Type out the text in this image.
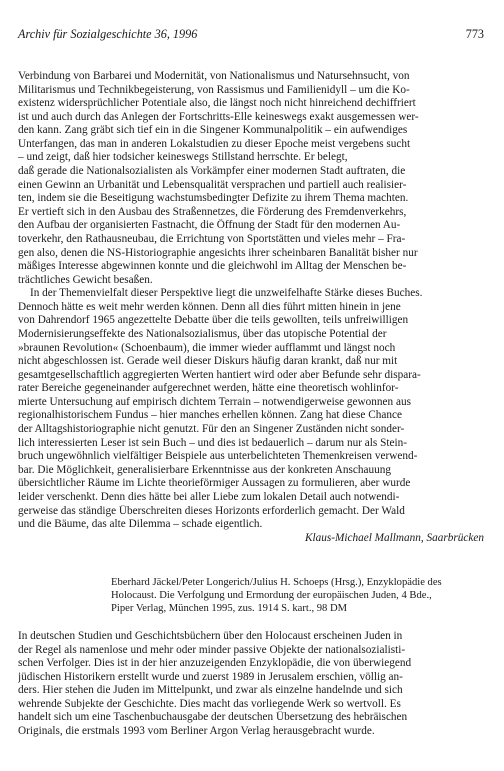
Archiv für Sozialgeschichte 36, 1996	773
Verbindung von Barbarei und Modernität, von Nationalismus und Natursehnsucht, von
Militarismus und Technikbegeisterung, von Rassismus und Familienidyll – um die Ko-
existenz widersprüchlicher Potentiale also, die längst noch nicht hinreichend dechiffriert
ist und auch durch das Anlegen der Fortschritts-Elle keineswegs exakt ausgemessen wer-
den kann. Zang gräbt sich tief ein in die Singener Kommunalpolitik – ein aufwendiges
Unterfangen, das man in anderen Lokalstudien zu dieser Epoche meist vergebens sucht
– und zeigt, daß hier todsicher keineswegs Stillstand herrschte. Er belegt,
daß gerade die Nationalsozialisten als Vorkämpfer einer modernen Stadt auftraten, die
einen Gewinn an Urbanität und Lebensqualität versprachen und partiell auch realisier-
ten, indem sie die Beseitigung wachstumsbedingter Defizite zu ihrem Thema machten.
Er vertieft sich in den Ausbau des Straßennetzes, die Förderung des Fremdenverkehrs,
den Aufbau der organisierten Fastnacht, die Öffnung der Stadt für den modernen Au-
toverkehr, den Rathausneubau, die Errichtung von Sportstätten und vieles mehr – Fra-
gen also, denen die NS-Historiographie angesichts ihrer scheinbaren Banalität bisher nur
mäßiges Interesse abgewinnen konnte und die gleichwohl im Alltag der Menschen be-
trächtliches Gewicht besaßen.
In der Themenvielfalt dieser Perspektive liegt die unzweifelhafte Stärke dieses Buches.
Dennoch hätte es weit mehr werden können. Denn all dies führt mitten hinein in jene
von Dahrendorf 1965 angezettelte Debatte über die teils gewollten, teils unfreiwilligen
Modernisierungseffekte des Nationalsozialismus, über das utopische Potential der
»braunen Revolution« (Schoenbaum), die immer wieder aufflammt und längst noch
nicht abgeschlossen ist. Gerade weil dieser Diskurs häufig daran krankt, daß nur mit
gesamtgesellschaftlich aggregierten Werten hantiert wird oder aber Befunde sehr dispara-
rater Bereiche gegeneinander aufgerechnet werden, hätte eine theoretisch wohlinfor-
mierte Untersuchung auf empirisch dichtem Terrain – notwendigerweise gewonnen aus
regionalhistorischem Fundus – hier manches erhellen können. Zang hat diese Chance
der Alltagshistoriographie nicht genutzt. Für den an Singener Zuständen nicht sonder-
lich interessierten Leser ist sein Buch – und dies ist bedauerlich – darum nur als Stein-
bruch ungewöhnlich vielfältiger Beispiele aus unterbelichteten Themenkreisen verwend-
bar. Die Möglichkeit, generalisierbare Erkenntnisse aus der konkreten Anschauung
übersichtlicher Räume im Lichte theorieförmiger Aussagen zu formulieren, aber wurde
leider verschenkt. Denn dies hätte bei aller Liebe zum lokalen Detail auch notwendi-
gerweise das ständige Überschreiten dieses Horizonts erforderlich gemacht. Der Wald
und die Bäume, das alte Dilemma – schade eigentlich.
Klaus-Michael Mallmann, Saarbrücken
Eberhard Jäckel/Peter Longerich/Julius H. Schoeps (Hrsg.), Enzyklopädie des
Holocaust. Die Verfolgung und Ermordung der europäischen Juden, 4 Bde.,
Piper Verlag, München 1995, zus. 1914 S. kart., 98 DM
In deutschen Studien und Geschichtsbüchern über den Holocaust erscheinen Juden in
der Regel als namenlose und mehr oder minder passive Objekte der nationalsozialisti-
schen Verfolger. Dies ist in der hier anzuzeigenden Enzyklopädie, die von überwiegend
jüdischen Historikern erstellt wurde und zuerst 1989 in Jerusalem erschien, völlig an-
ders. Hier stehen die Juden im Mittelpunkt, und zwar als einzelne handelnde und sich
wehrende Subjekte der Geschichte. Dies macht das vorliegende Werk so wertvoll. Es
handelt sich um eine Taschenbuchausgabe der deutschen Übersetzung des hebräischen
Originals, die erstmals 1993 vom Berliner Argon Verlag herausgebracht wurde.
